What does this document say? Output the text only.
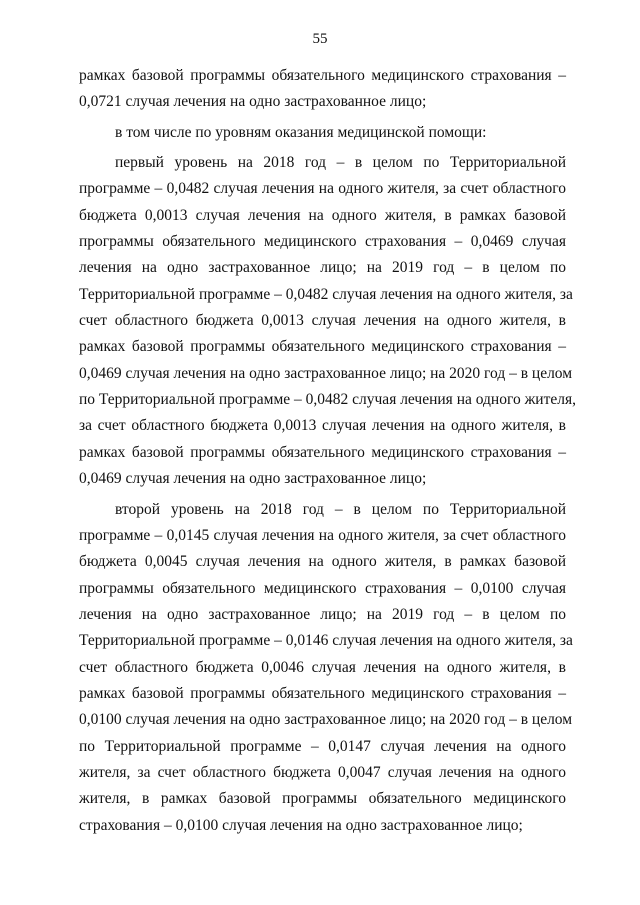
55
рамках базовой программы обязательного медицинского страхования –
0,0721 случая лечения на одно застрахованное лицо;
в том числе по уровням оказания медицинской помощи:
первый уровень на 2018 год – в целом по Территориальной
программе – 0,0482 случая лечения на одного жителя, за счет областного
бюджета 0,0013 случая лечения на одного жителя, в рамках базовой
программы обязательного медицинского страхования – 0,0469 случая
лечения на одно застрахованное лицо; на 2019 год – в целом по
Территориальной программе – 0,0482 случая лечения на одного жителя, за
счет областного бюджета 0,0013 случая лечения на одного жителя, в
рамках базовой программы обязательного медицинского страхования –
0,0469 случая лечения на одно застрахованное лицо; на 2020 год – в целом
по Территориальной программе – 0,0482 случая лечения на одного жителя,
за счет областного бюджета 0,0013 случая лечения на одного жителя, в
рамках базовой программы обязательного медицинского страхования –
0,0469 случая лечения на одно застрахованное лицо;
второй уровень на 2018 год – в целом по Территориальной
программе – 0,0145 случая лечения на одного жителя, за счет областного
бюджета 0,0045 случая лечения на одного жителя, в рамках базовой
программы обязательного медицинского страхования – 0,0100 случая
лечения на одно застрахованное лицо; на 2019 год – в целом по
Территориальной программе – 0,0146 случая лечения на одного жителя, за
счет областного бюджета 0,0046 случая лечения на одного жителя, в
рамках базовой программы обязательного медицинского страхования –
0,0100 случая лечения на одно застрахованное лицо; на 2020 год – в целом
по Территориальной программе – 0,0147 случая лечения на одного
жителя, за счет областного бюджета 0,0047 случая лечения на одного
жителя, в рамках базовой программы обязательного медицинского
страхования – 0,0100 случая лечения на одно застрахованное лицо;
